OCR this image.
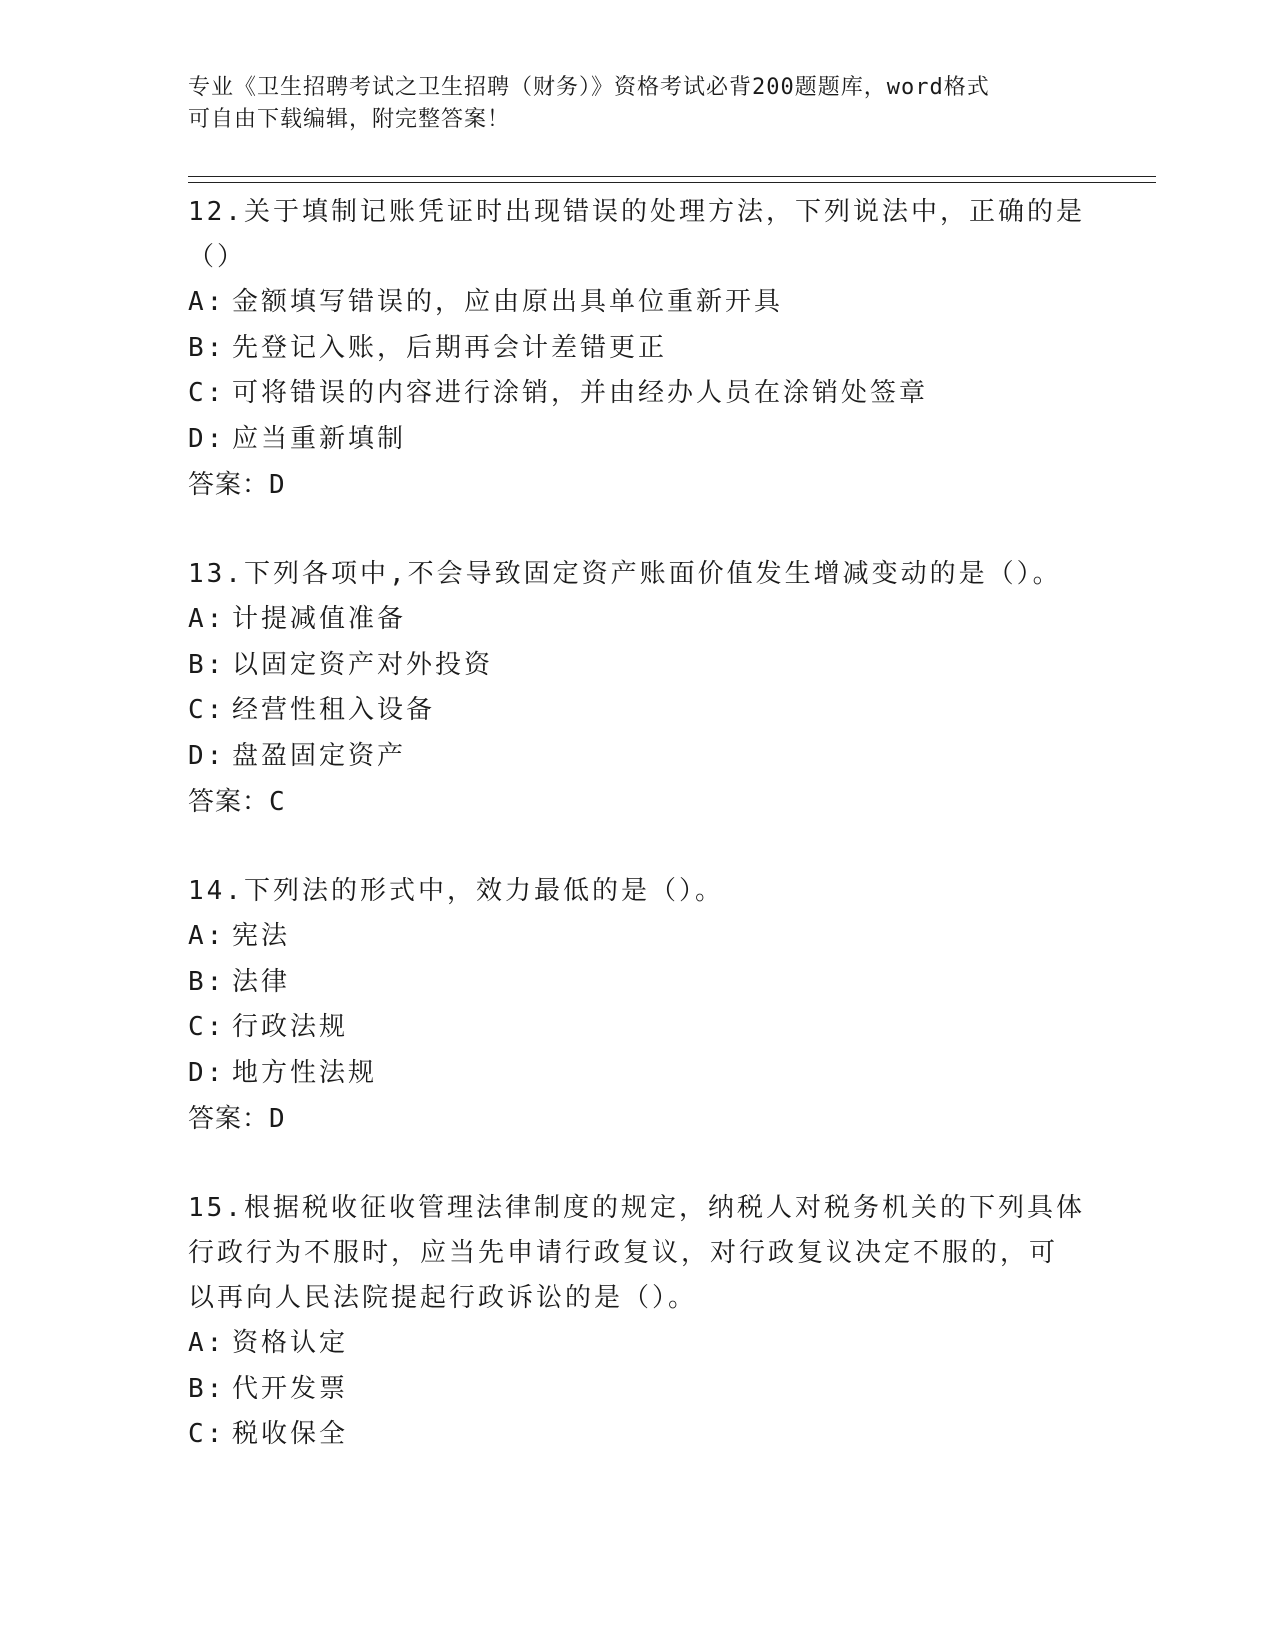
专业《卫生招聘考试之卫生招聘（财务）》资格考试必背200题题库，word格式
可自由下载编辑，附完整答案！
12.关于填制记账凭证时出现错误的处理方法，下列说法中，正确的是
（）
A: 金额填写错误的，应由原出具单位重新开具
B: 先登记入账，后期再会计差错更正
C: 可将错误的内容进行涂销，并由经办人员在涂销处签章
D: 应当重新填制
答案：D
13.下列各项中,不会导致固定资产账面价值发生增减变动的是（）。
A: 计提减值准备
B: 以固定资产对外投资
C: 经营性租入设备
D: 盘盈固定资产
答案：C
14.下列法的形式中，效力最低的是（）。
A: 宪法
B: 法律
C: 行政法规
D: 地方性法规
答案：D
15.根据税收征收管理法律制度的规定，纳税人对税务机关的下列具体
行政行为不服时，应当先申请行政复议，对行政复议决定不服的，可
以再向人民法院提起行政诉讼的是（）。
A: 资格认定
B: 代开发票
C: 税收保全
